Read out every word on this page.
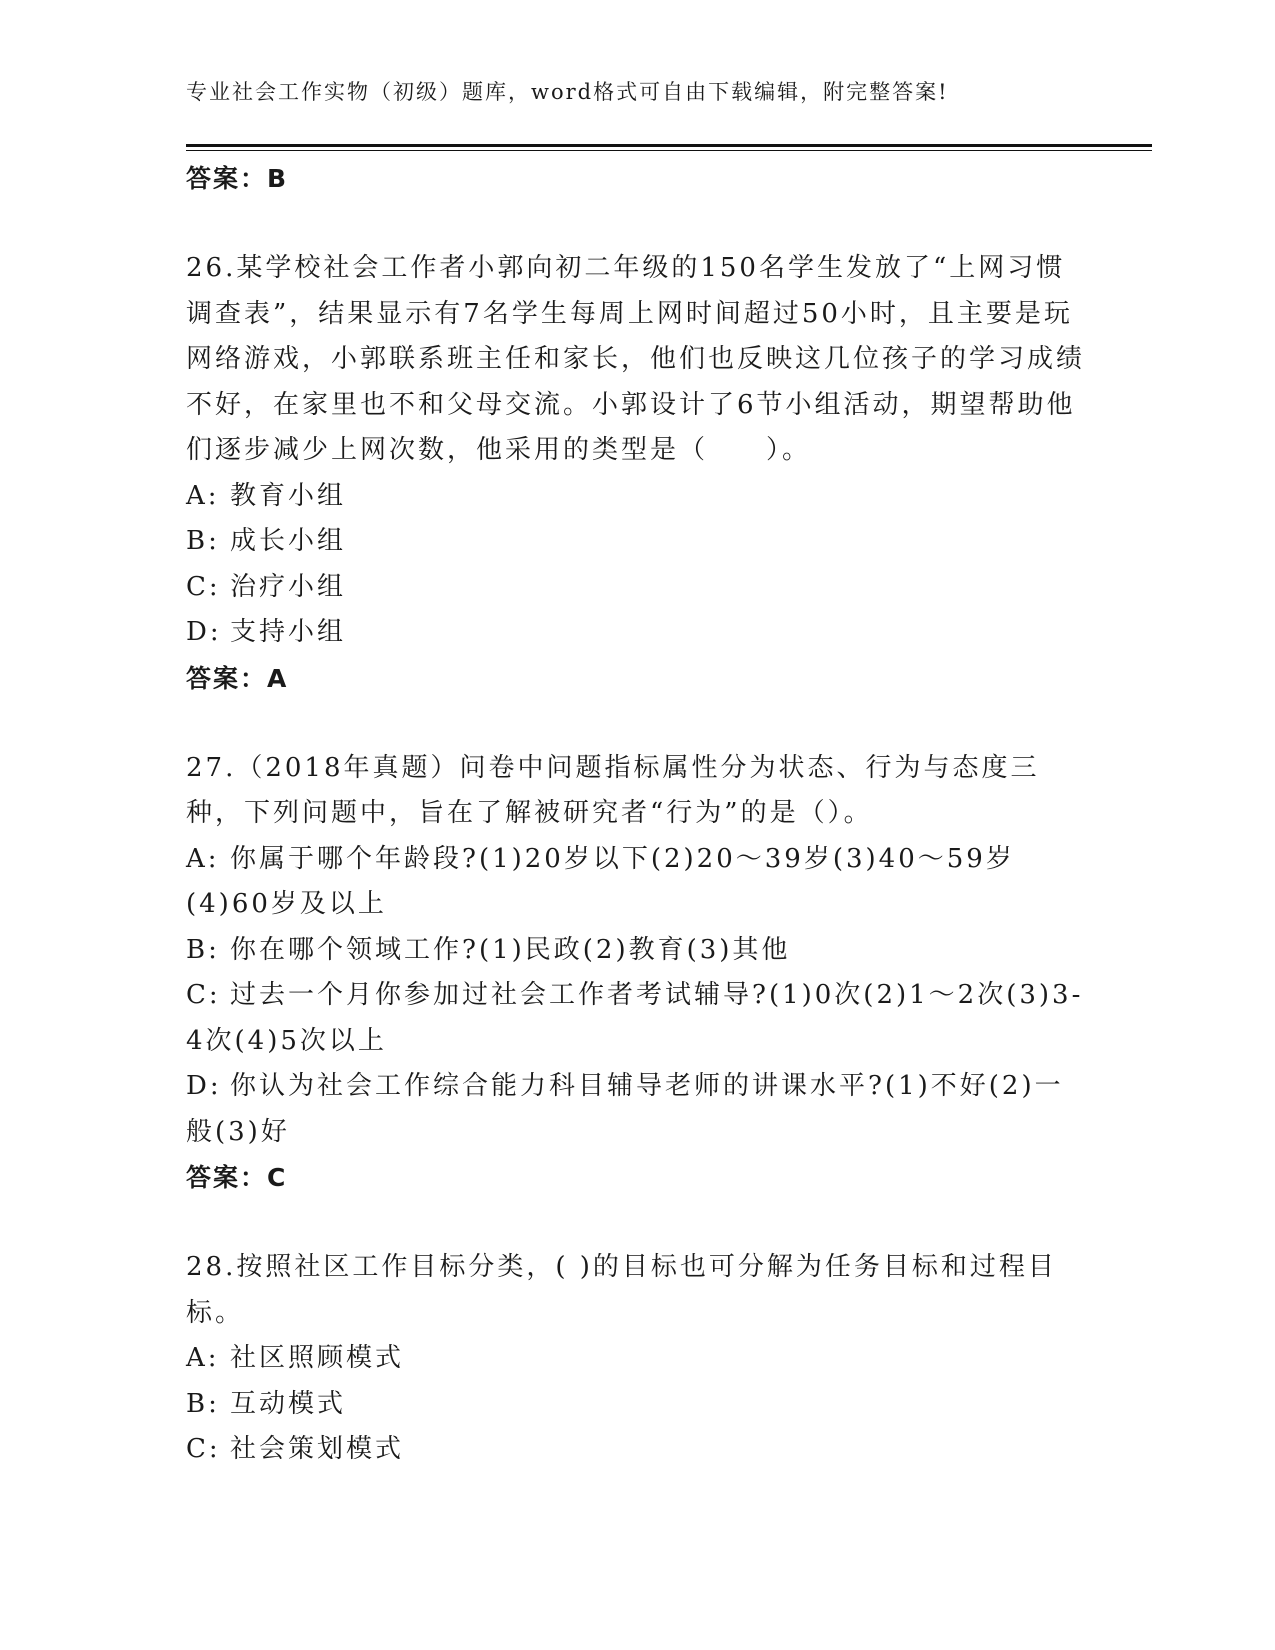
专业社会工作实物（初级）题库，word格式可自由下载编辑，附完整答案!
答案：B
26.某学校社会工作者小郭向初二年级的150名学生发放了“上网习惯调查表”，结果显示有7名学生每周上网时间超过50小时，且主要是玩网络游戏，小郭联系班主任和家长，他们也反映这几位孩子的学习成绩不好，在家里也不和父母交流。小郭设计了6节小组活动，期望帮助他们逐步减少上网次数，他采用的类型是（　　）。
A: 教育小组
B: 成长小组
C: 治疗小组
D: 支持小组
答案：A
27.（2018年真题）问卷中问题指标属性分为状态、行为与态度三种，下列问题中，旨在了解被研究者“行为”的是（）。
A: 你属于哪个年龄段?(1)20岁以下(2)20～39岁(3)40～59岁(4)60岁及以上
B: 你在哪个领域工作?(1)民政(2)教育(3)其他
C: 过去一个月你参加过社会工作者考试辅导?(1)0次(2)1～2次(3)3-4次(4)5次以上
D: 你认为社会工作综合能力科目辅导老师的讲课水平?(1)不好(2)一般(3)好
答案：C
28.按照社区工作目标分类，( )的目标也可分解为任务目标和过程目标。
A: 社区照顾模式
B: 互动模式
C: 社会策划模式
